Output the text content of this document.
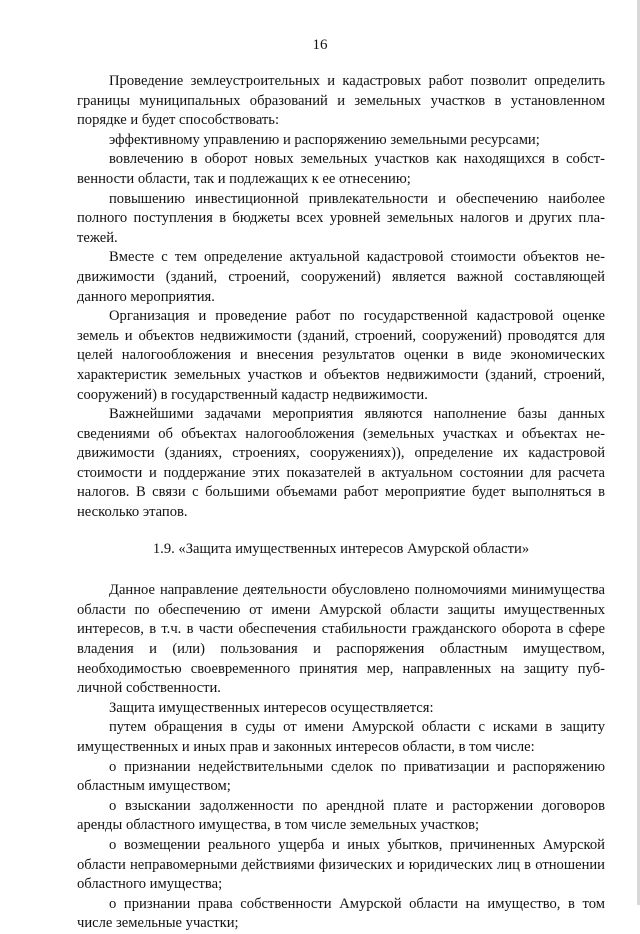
16

Проведение землеустроительных и кадастровых работ позволит определить границы муниципальных образований и земельных участков в установленном порядке и будет способствовать:

эффективному управлению и распоряжению земельными ресурсами;

вовлечению в оборот новых земельных участков как находящихся в собственности области, так и подлежащих к ее отнесению;

повышению инвестиционной привлекательности и обеспечению наиболее полного поступления в бюджеты всех уровней земельных налогов и других платежей.

Вместе с тем определение актуальной кадастровой стоимости объектов недвижимости (зданий, строений, сооружений) является важной составляющей данного мероприятия.

Организация и проведение работ по государственной кадастровой оценке земель и объектов недвижимости (зданий, строений, сооружений) проводятся для целей налогообложения и внесения результатов оценки в виде экономических характеристик земельных участков и объектов недвижимости (зданий, строений, сооружений) в государственный кадастр недвижимости.

Важнейшими задачами мероприятия являются наполнение базы данных сведениями об объектах налогообложения (земельных участках и объектах недвижимости (зданиях, строениях, сооружениях)), определение их кадастровой стоимости и поддержание этих показателей в актуальном состоянии для расчета налогов. В связи с большими объемами работ мероприятие будет выполняться в несколько этапов.

1.9. «Защита имущественных интересов Амурской области»

Данное направление деятельности обусловлено полномочиями минимущества области по обеспечению от имени Амурской области защиты имущественных интересов, в т.ч. в части обеспечения стабильности гражданского оборота в сфере владения и (или) пользования и распоряжения областным имуществом, необходимостью своевременного принятия мер, направленных на защиту публичной собственности.

Защита имущественных интересов осуществляется:

путем обращения в суды от имени Амурской области с исками в защиту имущественных и иных прав и законных интересов области, в том числе:

о признании недействительными сделок по приватизации и распоряжению областным имуществом;

о взыскании задолженности по арендной плате и расторжении договоров аренды областного имущества, в том числе земельных участков;

о возмещении реального ущерба и иных убытков, причиненных Амурской области неправомерными действиями физических и юридических лиц в отношении областного имущества;

о признании права собственности Амурской области на имущество, в том числе земельные участки;
